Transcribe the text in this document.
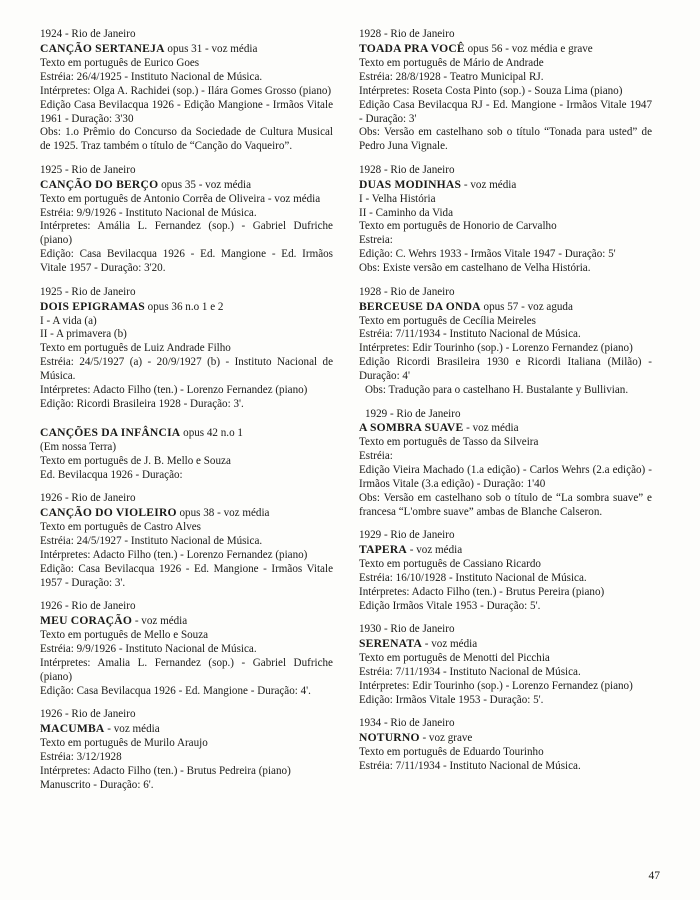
1924 - Rio de Janeiro

CANÇÃO SERTANEJA opus 31 - voz média

Texto em português de Eurico Goes

Estréia: 26/4/1925 - Instituto Nacional de Música.

Intérpretes: Olga A. Rachidei (sop.) - Ilára Gomes Grosso (piano)

Edição Casa Bevilacqua 1926 - Edição Mangione - Irmãos Vitale 1961 - Duração: 3'30

Obs: 1.o Prêmio do Concurso da Sociedade de Cultura Musical de 1925. Traz também o título de “Canção do Vaqueiro”.

1925 - Rio de Janeiro

CANÇÃO DO BERÇO opus 35 - voz média

Texto em português de Antonio Corrêa de Oliveira - voz média

Estréia: 9/9/1926 - Instituto Nacional de Música.

Intérpretes: Amália L. Fernandez (sop.) - Gabriel Dufriche (piano)

Edição: Casa Bevilacqua 1926 - Ed. Mangione - Ed. Irmãos Vitale 1957 - Duração: 3'20.

1925 - Rio de Janeiro

DOIS EPIGRAMAS opus 36 n.o 1 e 2

I - A vida (a)

II - A primavera (b)

Texto em português de Luiz Andrade Filho

Estréia: 24/5/1927 (a) - 20/9/1927 (b) - Instituto Nacional de Música.

Intérpretes: Adacto Filho (ten.) - Lorenzo Fernandez (piano)

Edição: Ricordi Brasileira 1928 - Duração: 3'.

CANÇÕES DA INFÂNCIA opus 42 n.o 1

(Em nossa Terra)

Texto em português de J. B. Mello e Souza

Ed. Bevilacqua 1926 - Duração:

1926 - Rio de Janeiro

CANÇÃO DO VIOLEIRO opus 38 - voz média

Texto em português de Castro Alves

Estréia: 24/5/1927 - Instituto Nacional de Música.

Intérpretes: Adacto Filho (ten.) - Lorenzo Fernandez (piano)

Edição: Casa Bevilacqua 1926 - Ed. Mangione - Irmãos Vitale 1957 - Duração: 3'.

1926 - Rio de Janeiro

MEU CORAÇÃO - voz média

Texto em português de Mello e Souza

Estréia: 9/9/1926 - Instituto Nacional de Música.

Intérpretes: Amalia L. Fernandez (sop.) - Gabriel Dufriche (piano)

Edição: Casa Bevilacqua 1926 - Ed. Mangione - Duração: 4'.

1926 - Rio de Janeiro

MACUMBA - voz média

Texto em português de Murilo Araujo

Estréia: 3/12/1928

Intérpretes: Adacto Filho (ten.) - Brutus Pedreira (piano)

Manuscrito - Duração: 6'.

1928 - Rio de Janeiro

TOADA PRA VOCÊ opus 56 - voz média e grave

Texto em português de Mário de Andrade

Estréia: 28/8/1928 - Teatro Municipal RJ.

Intérpretes: Roseta Costa Pinto (sop.) - Souza Lima (piano)

Edição Casa Bevilacqua RJ - Ed. Mangione - Irmãos Vitale 1947 - Duração: 3'

Obs: Versão em castelhano sob o título “Tonada para usted” de Pedro Juna Vignale.

1928 - Rio de Janeiro

DUAS MODINHAS - voz média

I - Velha História

II - Caminho da Vida

Texto em português de Honorio de Carvalho

Estreia:

Edição: C. Wehrs 1933 - Irmãos Vitale 1947 - Duração: 5'

Obs: Existe versão em castelhano de Velha História.

1928 - Rio de Janeiro

BERCEUSE DA ONDA opus 57 - voz aguda

Texto em português de Cecília Meireles

Estréia: 7/11/1934 - Instituto Nacional de Música.

Intérpretes: Edir Tourinho (sop.) - Lorenzo Fernandez (piano)

Edição Ricordi Brasileira 1930 e Ricordi Italiana (Milão) - Duração: 4'

Obs: Tradução para o castelhano H. Bustalante y Bullivian.

1929 - Rio de Janeiro

A SOMBRA SUAVE - voz média

Texto em português de Tasso da Silveira

Estréia:

Edição Vieira Machado (1.a edição) - Carlos Wehrs (2.a edição) - Irmãos Vitale (3.a edição) - Duração: 1'40

Obs: Versão em castelhano sob o título de “La sombra suave” e francesa “L'ombre suave” ambas de Blanche Calseron.

1929 - Rio de Janeiro

TAPERA - voz média

Texto em português de Cassiano Ricardo

Estréia: 16/10/1928 - Instituto Nacional de Música.

Intérpretes: Adacto Filho (ten.) - Brutus Pereira (piano)

Edição Irmãos Vitale 1953 - Duração: 5'.

1930 - Rio de Janeiro

SERENATA - voz média

Texto em português de Menotti del Picchia

Estréia: 7/11/1934 - Instituto Nacional de Música.

Intérpretes: Edir Tourinho (sop.) - Lorenzo Fernandez (piano)

Edição: Irmãos Vitale 1953 - Duração: 5'.

1934 - Rio de Janeiro

NOTURNO - voz grave

Texto em português de Eduardo Tourinho

Estréia: 7/11/1934 - Instituto Nacional de Música.

47
